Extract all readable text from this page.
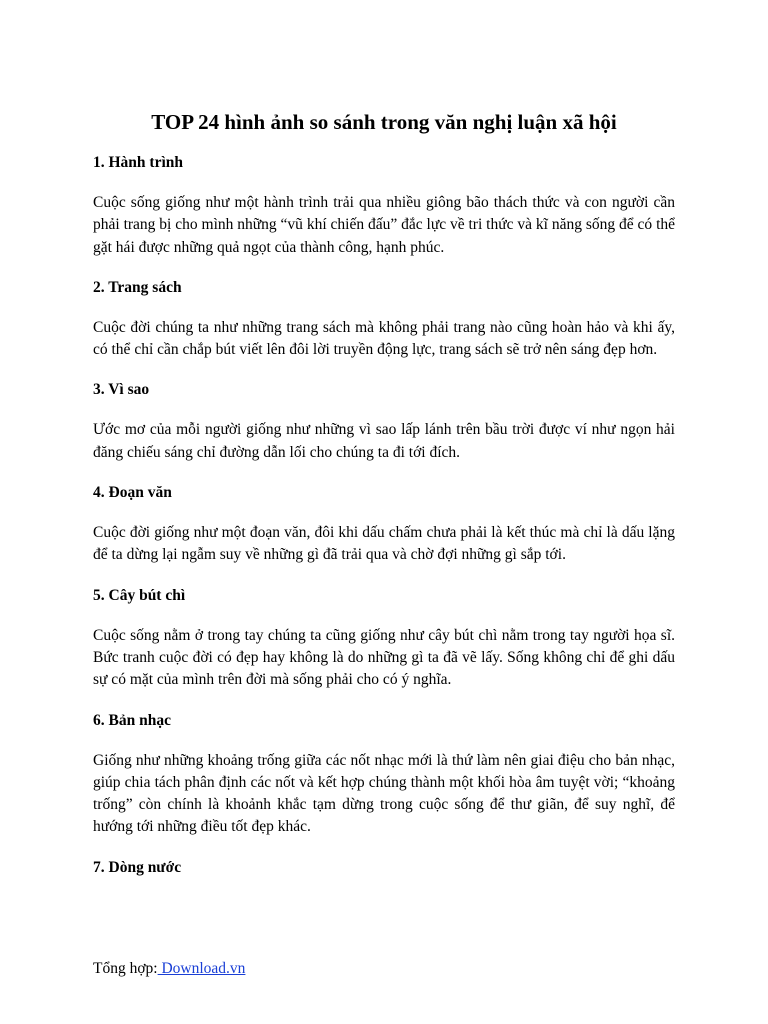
TOP 24 hình ảnh so sánh trong văn nghị luận xã hội

1. Hành trình

Cuộc sống giống như một hành trình trải qua nhiều giông bão thách thức và con người cần phải trang bị cho mình những “vũ khí chiến đấu” đắc lực về tri thức và kĩ năng sống để có thể gặt hái được những quả ngọt của thành công, hạnh phúc.

2. Trang sách

Cuộc đời chúng ta như những trang sách mà không phải trang nào cũng hoàn hảo và khi ấy, có thể chỉ cần chắp bút viết lên đôi lời truyền động lực, trang sách sẽ trở nên sáng đẹp hơn.

3. Vì sao

Ước mơ của mỗi người giống như những vì sao lấp lánh trên bầu trời được ví như ngọn hải đăng chiếu sáng chỉ đường dẫn lối cho chúng ta đi tới đích.

4. Đoạn văn

Cuộc đời giống như một đoạn văn, đôi khi dấu chấm chưa phải là kết thúc mà chỉ là dấu lặng để ta dừng lại ngẫm suy về những gì đã trải qua và chờ đợi những gì sắp tới.

5. Cây bút chì

Cuộc sống nằm ở trong tay chúng ta cũng giống như cây bút chì nằm trong tay người họa sĩ. Bức tranh cuộc đời có đẹp hay không là do những gì ta đã vẽ lấy. Sống không chỉ để ghi dấu sự có mặt của mình trên đời mà sống phải cho có ý nghĩa.

6. Bản nhạc

Giống như những khoảng trống giữa các nốt nhạc mới là thứ làm nên giai điệu cho bản nhạc, giúp chia tách phân định các nốt và kết hợp chúng thành một khối hòa âm tuyệt vời; “khoảng trống” còn chính là khoảnh khắc tạm dừng trong cuộc sống để thư giãn, để suy nghĩ, để hướng tới những điều tốt đẹp khác.

7. Dòng nước

Tổng hợp: Download.vn
